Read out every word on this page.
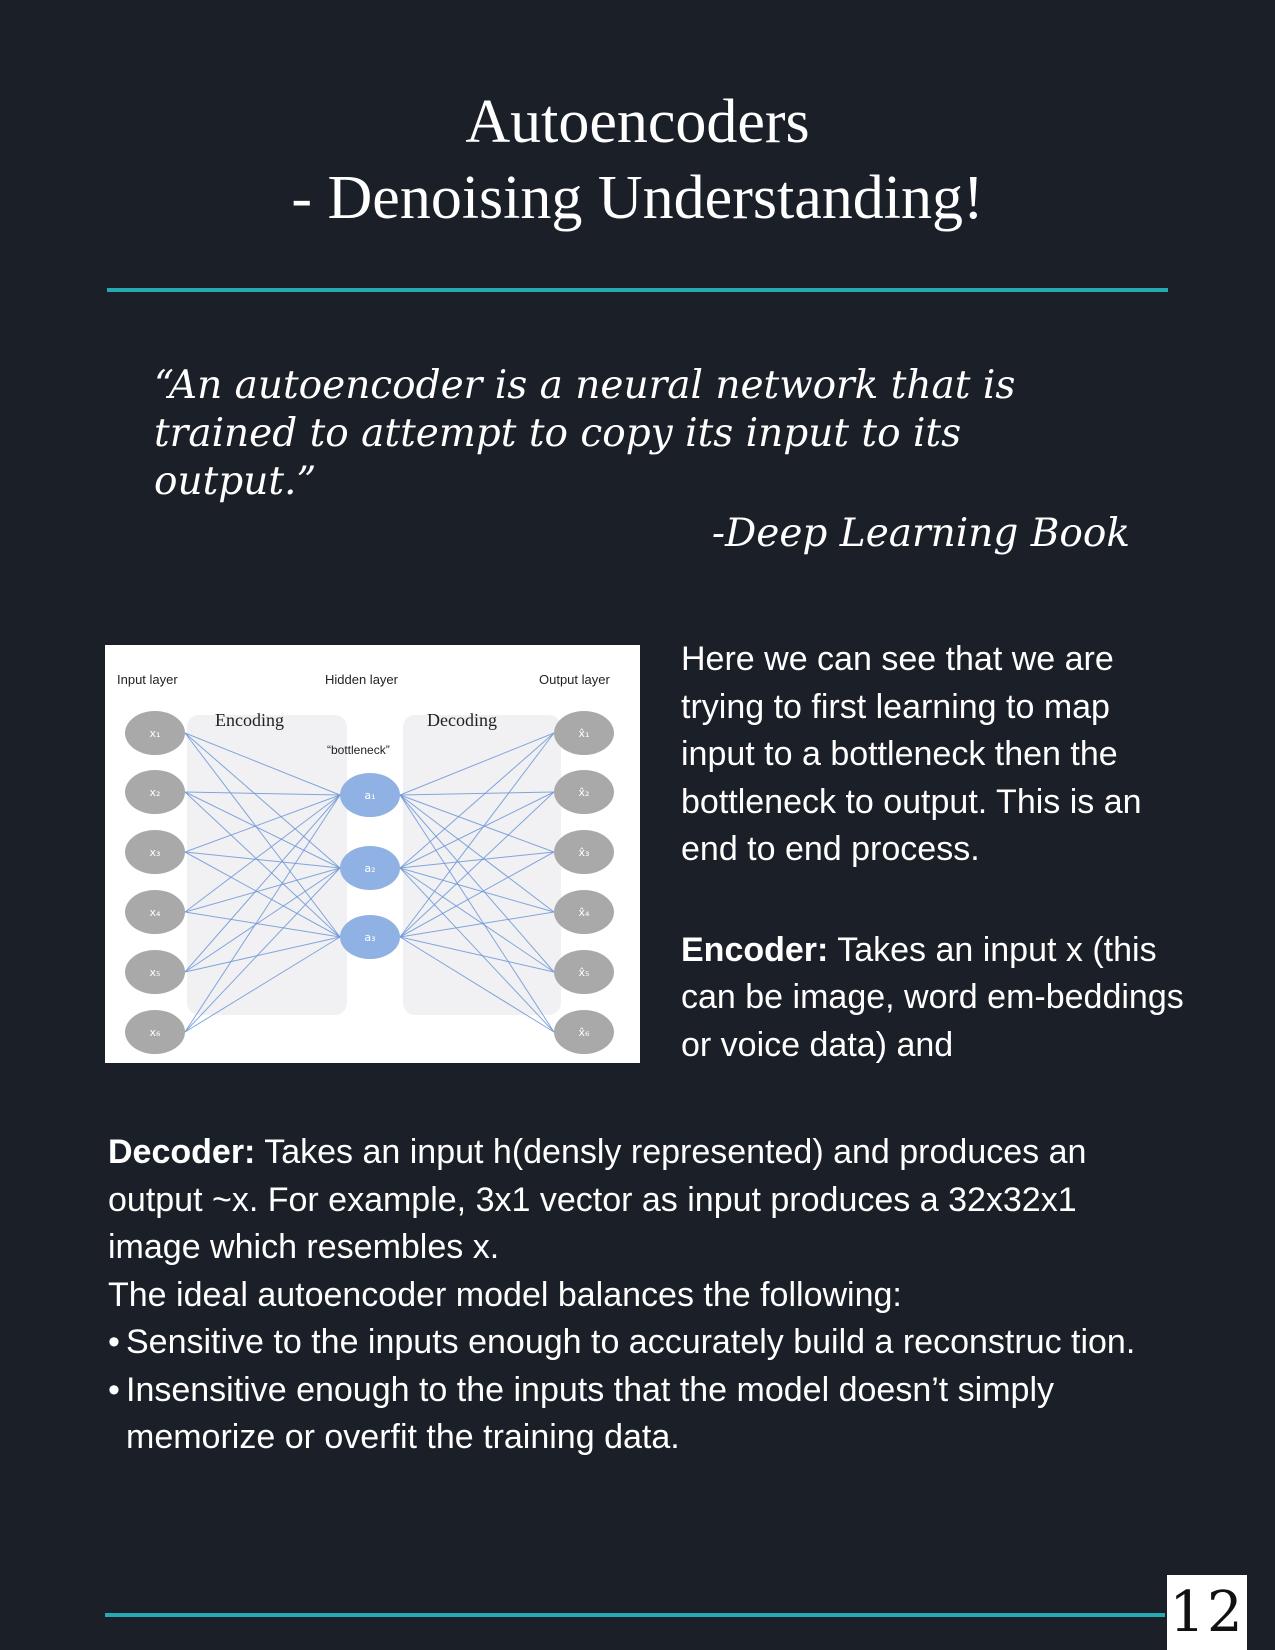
Autoencoders
- Denoising Understanding!
“An autoencoder is a neural network that is trained to attempt to copy its input to its output.”
-Deep Learning Book
Input layer	Hidden layer	Output layer
Encoding	Decoding
“bottleneck”
x₁
x₂
x₃
x₄
x₅
x₆
a₁
a₂
a₃
x̂₁
x̂₂
x̂₃
x̂₄
x̂₅
x̂₆

Here we can see that we are trying to first learning to map input to a bottleneck then the bottleneck to output. This is an end to end process.

Encoder: Takes an input x (this can be image, word em-beddings or voice data) and

Decoder: Takes an input h(densly represented) and produces an output ~x. For example, 3x1 vector as input produces a 32x32x1 image which resembles x.

The ideal autoencoder model balances the following:

• Sensitive to the inputs enough to accurately build a reconstruc tion.
• Insensitive enough to the inputs that the model doesn’t simply memorize or overfit the training data.
12
